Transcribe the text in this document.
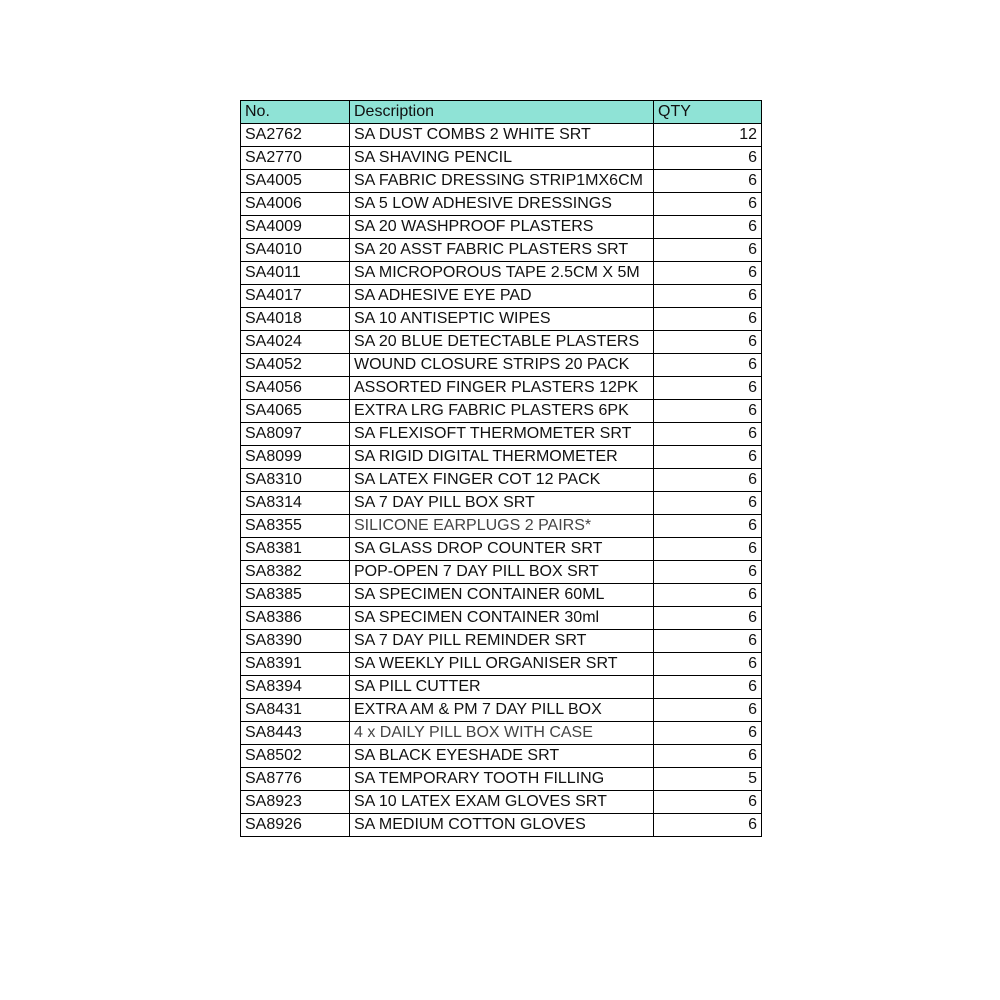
No.	Description	QTY
SA2762	SA DUST COMBS 2 WHITE SRT	12
SA2770	SA SHAVING PENCIL	6
SA4005	SA FABRIC DRESSING STRIP1MX6CM	6
SA4006	SA 5 LOW ADHESIVE DRESSINGS	6
SA4009	SA 20 WASHPROOF PLASTERS	6
SA4010	SA 20 ASST FABRIC PLASTERS SRT	6
SA4011	SA MICROPOROUS TAPE 2.5CM X 5M	6
SA4017	SA ADHESIVE EYE PAD	6
SA4018	SA 10 ANTISEPTIC WIPES	6
SA4024	SA 20 BLUE DETECTABLE PLASTERS	6
SA4052	WOUND CLOSURE STRIPS 20 PACK	6
SA4056	ASSORTED FINGER PLASTERS 12PK	6
SA4065	EXTRA LRG FABRIC PLASTERS 6PK	6
SA8097	SA FLEXISOFT THERMOMETER SRT	6
SA8099	SA RIGID DIGITAL THERMOMETER	6
SA8310	SA LATEX FINGER COT 12 PACK	6
SA8314	SA 7 DAY PILL BOX SRT	6
SA8355	SILICONE EARPLUGS 2 PAIRS*	6
SA8381	SA GLASS DROP COUNTER SRT	6
SA8382	POP-OPEN 7 DAY PILL BOX SRT	6
SA8385	SA SPECIMEN CONTAINER 60ML	6
SA8386	SA SPECIMEN CONTAINER 30ml	6
SA8390	SA 7 DAY PILL REMINDER SRT	6
SA8391	SA WEEKLY PILL ORGANISER SRT	6
SA8394	SA PILL CUTTER	6
SA8431	EXTRA AM & PM 7 DAY PILL BOX	6
SA8443	4 x DAILY PILL BOX WITH CASE	6
SA8502	SA BLACK EYESHADE SRT	6
SA8776	SA TEMPORARY TOOTH FILLING	5
SA8923	SA 10 LATEX EXAM GLOVES SRT	6
SA8926	SA MEDIUM COTTON GLOVES	6
